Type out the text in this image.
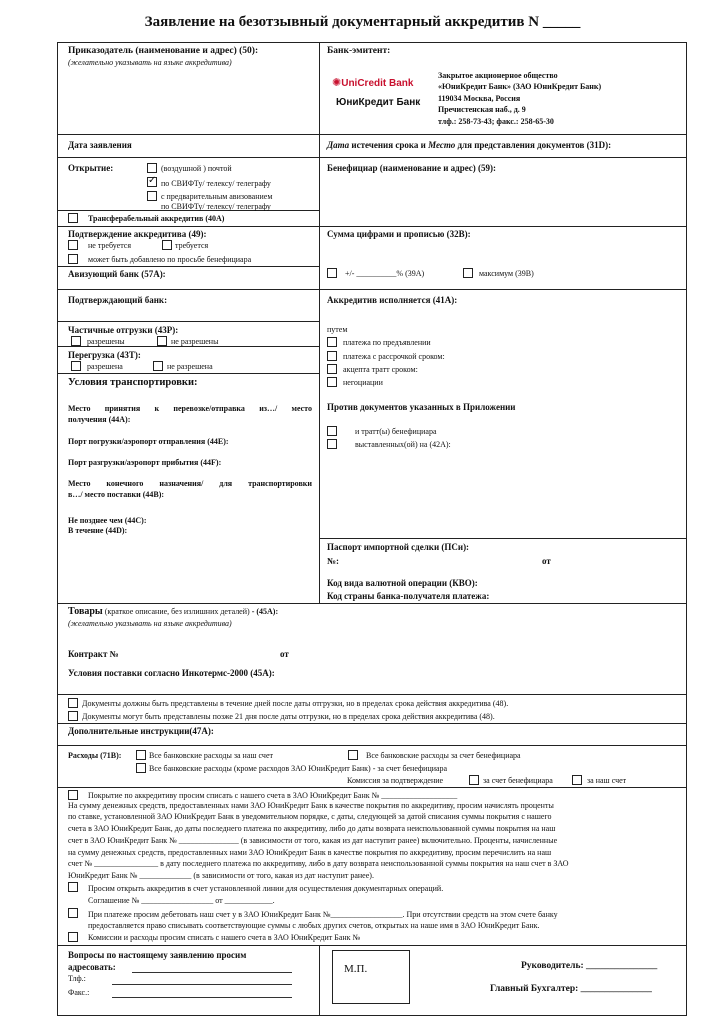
Заявление на безотзывный документарный аккредитив N _____
Приказодатель (наименование и адрес) (50):
(желательно указывать на языке аккредитива)
Банк-эмитент:
✺UniCredit Bank
ЮниКредит Банк
Закрытое акционерное общество
«ЮниКредит Банк» (ЗАО ЮниКредит Банк)
119034 Москва, Россия
Пречистенская наб., д. 9
тлф.: 258-73-43; факс.: 258-65-30
Дата заявления	Дата истечения срока и Место для представления документов (31D):
Открытие:	(воздушной ) почтой
✓
по СВИФТу/ телексу/ телеграфу
с предварительным авизованием
по СВИФТу/ телексу/ телеграфу
Бенефициар (наименование и адрес) (59):
Трансферабельный аккредитив (40А)
Подтверждение аккредитива (49):
не требуется	требуется
может быть добавлено по просьбе бенефициара
Сумма цифрами и прописью (32В):
+/- __________% (39A)	максимум (39B)
Авизующий банк (57А):
Подтверждающий банк:	Аккредитив исполняется (41А):
путем
платежа по предъявлении
платежа с рассрочкой сроком:
акцепта тратт сроком:
негоциации
Частичные отгрузки (43Р):
разрешены	не разрешены
Перегрузка (43Т):
разрешена	не разрешена
Условия транспортировки:
Место принятия к перевозке/отправка из…/ место
получения (44А):
Порт погрузки/аэропорт отправления (44Е):
Порт разгрузки/аэропорт прибытия (44F):
Место конечного назначения/ для транспортировки
в…/ место поставки (44В):
Не позднее чем (44С):
В течение (44D):
Против документов указанных в Приложении
и тратт(ы) бенефициара
выставленных(ой) на (42А):
Паспорт импортной сделки (ПСи):
№:	от
Код вида валютной операции (КВО):
Код страны банка-получателя платежа:
Товары (краткое описание, без излишних деталей) - (45А):
(желательно указывать на языке аккредитива)
Контракт №	от
Условия поставки согласно Инкотермс-2000 (45А):
Документы должны быть представлены в течение дней после даты отгрузки, но в пределах срока действия аккредитива (48).
Документы могут быть представлены позже 21 дня после даты отгрузки, но в пределах срока действия аккредитива (48).
Дополнительные инструкции(47А):
Расходы (71В):	Все банковские расходы за наш счет	Все банковские расходы за счет бенефициара
Все банковские расходы (кроме расходов ЗАО ЮниКредит Банк) - за счет бенефициара
Комиссия за подтверждение	за счет бенефициара	за наш счет
Покрытие по аккредитиву просим списать с нашего счета в ЗАО ЮниКредит Банк № ___________________
На сумму денежных средств, предоставленных нами ЗАО ЮниКредит Банк в качестве покрытия по аккредитиву, просим начислять проценты
по ставке, установленной ЗАО ЮниКредит Банк в уведомительном порядке, с даты, следующей за датой списания суммы покрытия с нашего
счета в ЗАО ЮниКредит Банк, до даты последнего платежа по аккредитиву, либо до даты возврата неиспользованной суммы покрытия на наш
счет в ЗАО ЮниКредит Банк № _______________ (в зависимости от того, какая из дат наступит ранее) включительно. Проценты, начисленные
на сумму денежных средств, предоставленных нами ЗАО ЮниКредит Банк в качестве покрытия по аккредитиву, просим перечислить на наш
счет № ________________ в дату последнего платежа по аккредитиву, либо в дату возврата неиспользованной суммы покрытия на наш счет в ЗАО
ЮниКредит Банк № _____________ (в зависимости от того, какая из дат наступит ранее).
Просим открыть аккредитив в счет установленной линии для осуществления документарных операций.
Соглашение № __________________ от ____________.
При платеже просим дебетовать наш счет у в ЗАО ЮниКредит Банк №__________________. При отсутствии средств на этом счете банку
предоставляется право списывать соответствующие суммы с любых других счетов, открытых на наше имя в ЗАО ЮниКредит Банк.
Комиссии и расходы просим списать с нашего счета в ЗАО ЮниКредит Банк №
Вопросы по настоящему заявлению просим
адресовать:
Тлф.:
Факс.:
М.П.	Руководитель: _______________
Главный Бухгалтер: _______________
